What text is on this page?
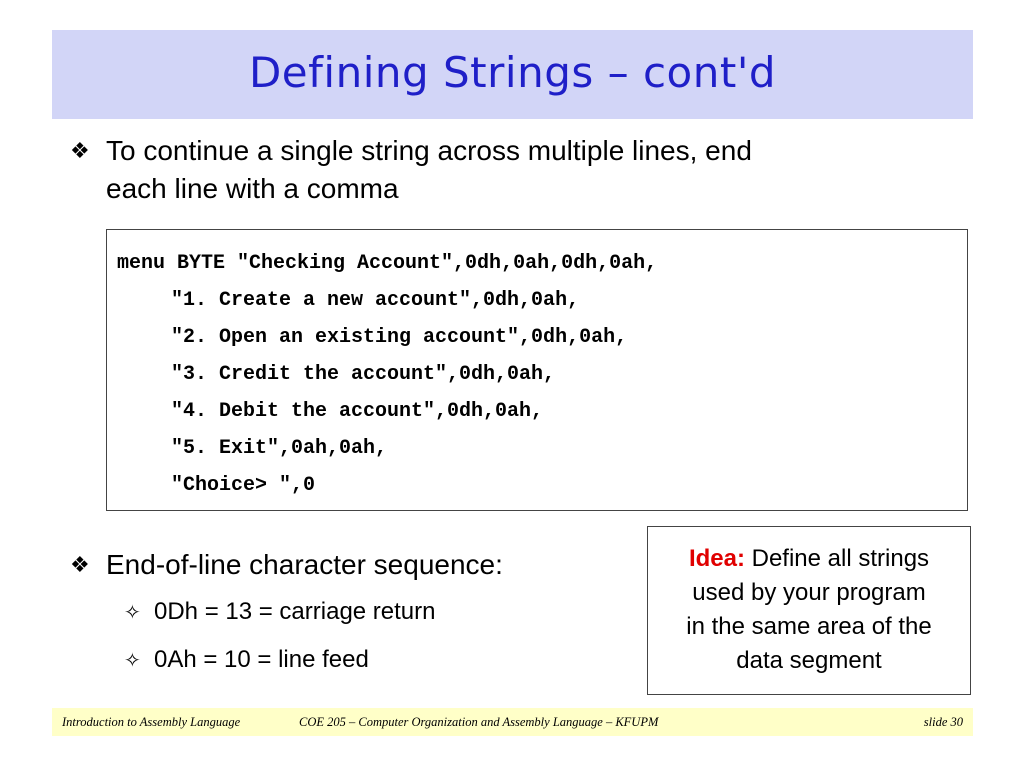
Defining Strings – cont'd
❖ To continue a single string across multiple lines, end
each line with a comma
menu BYTE "Checking Account",0dh,0ah,0dh,0ah,
"1. Create a new account",0dh,0ah,
"2. Open an existing account",0dh,0ah,
"3. Credit the account",0dh,0ah,
"4. Debit the account",0dh,0ah,
"5. Exit",0ah,0ah,
"Choice> ",0
❖ End-of-line character sequence:
✧ 0Dh = 13 = carriage return
✧ 0Ah = 10 = line feed
Idea: Define all strings
used by your program
in the same area of the
data segment
Introduction to Assembly Language	COE 205 – Computer Organization and Assembly Language – KFUPM	slide 30
